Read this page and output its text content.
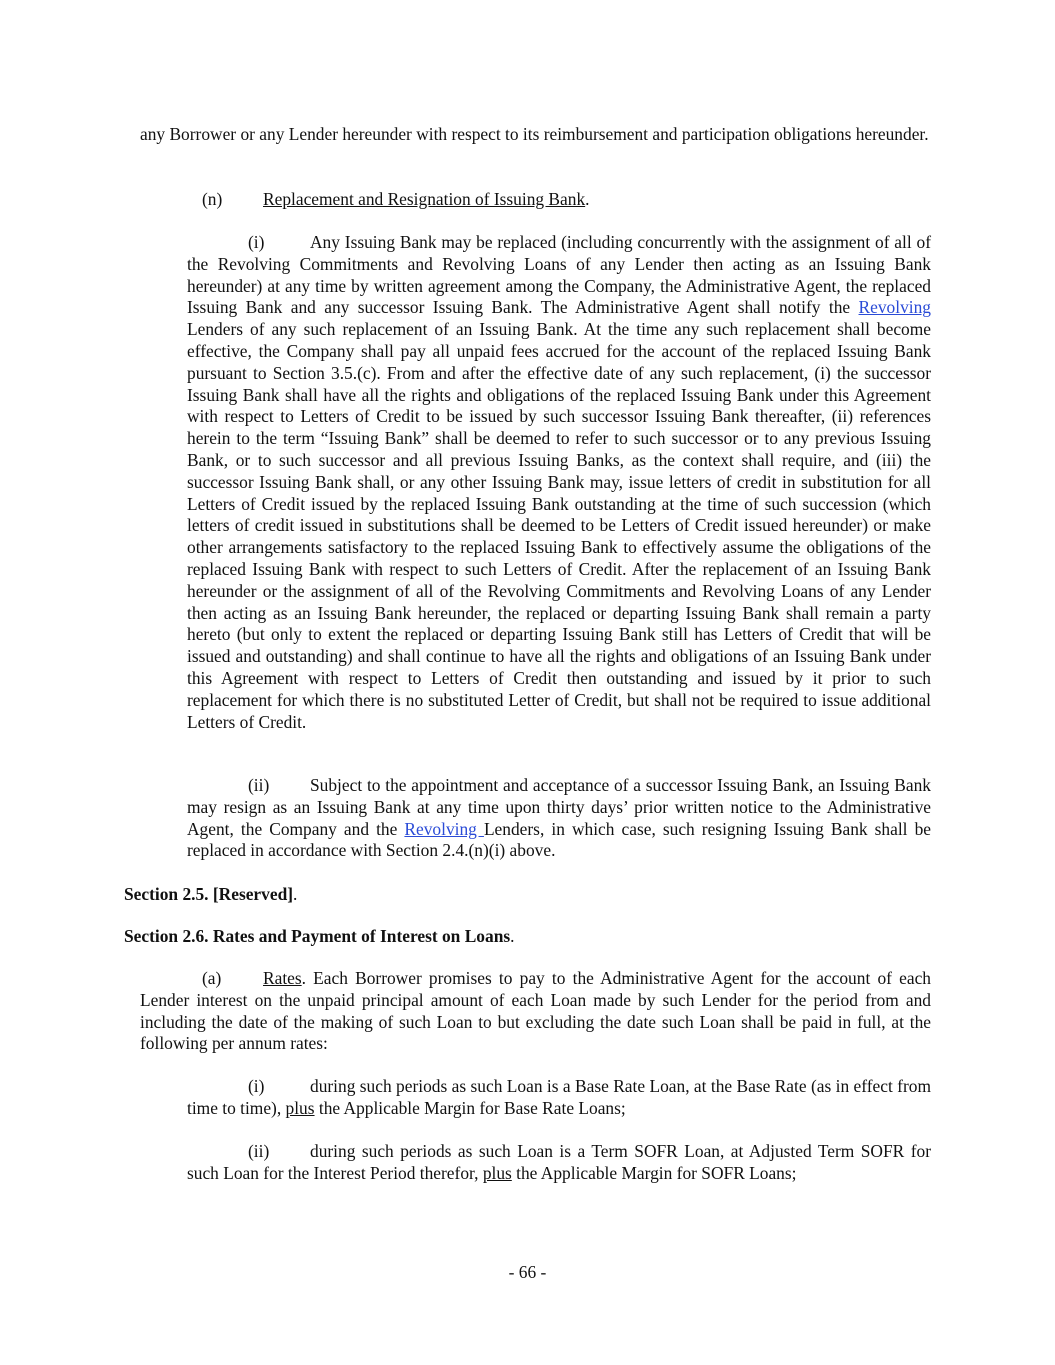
any Borrower or any Lender hereunder with respect to its reimbursement and participation obligations hereunder.

(n) Replacement and Resignation of Issuing Bank.

(i)	Any Issuing Bank may be replaced (including concurrently with the assignment of all of the Revolving Commitments and Revolving Loans of any Lender then acting as an Issuing Bank hereunder) at any time by written agreement among the Company, the Administrative Agent, the replaced Issuing Bank and any successor Issuing Bank. The Administrative Agent shall notify the Revolving Lenders of any such replacement of an Issuing Bank. At the time any such replacement shall become effective, the Company shall pay all unpaid fees accrued for the account of the replaced Issuing Bank pursuant to Section 3.5.(c). From and after the effective date of any such replacement, (i) the successor Issuing Bank shall have all the rights and obligations of the replaced Issuing Bank under this Agreement with respect to Letters of Credit to be issued by such successor Issuing Bank thereafter, (ii) references herein to the term “Issuing Bank” shall be deemed to refer to such successor or to any previous Issuing Bank, or to such successor and all previous Issuing Banks, as the context shall require, and (iii) the successor Issuing Bank shall, or any other Issuing Bank may, issue letters of credit in substitution for all Letters of Credit issued by the replaced Issuing Bank outstanding at the time of such succession (which letters of credit issued in substitutions shall be deemed to be Letters of Credit issued hereunder) or make other arrangements satisfactory to the replaced Issuing Bank to effectively assume the obligations of the replaced Issuing Bank with respect to such Letters of Credit. After the replacement of an Issuing Bank hereunder or the assignment of all of the Revolving Commitments and Revolving Loans of any Lender then acting as an Issuing Bank hereunder, the replaced or departing Issuing Bank shall remain a party hereto (but only to extent the replaced or departing Issuing Bank still has Letters of Credit that will be issued and outstanding) and shall continue to have all the rights and obligations of an Issuing Bank under this Agreement with respect to Letters of Credit then outstanding and issued by it prior to such replacement for which there is no substituted Letter of Credit, but shall not be required to issue additional Letters of Credit.

(ii) Subject to the appointment and acceptance of a successor Issuing Bank, an Issuing Bank may resign as an Issuing Bank at any time upon thirty days’ prior written notice to the Administrative Agent, the Company and the Revolving Lenders, in which case, such resigning Issuing Bank shall be replaced in accordance with Section 2.4.(n)(i) above.

Section 2.5. [Reserved].
Section 2.6. Rates and Payment of Interest on Loans.

(a) Rates. Each Borrower promises to pay to the Administrative Agent for the account of each Lender interest on the unpaid principal amount of each Loan made by such Lender for the period from and including the date of the making of such Loan to but excluding the date such Loan shall be paid in full, at the following per annum rates:

(i)	during such periods as such Loan is a Base Rate Loan, at the Base Rate (as in effect from time to time), plus the Applicable Margin for Base Rate Loans;

(ii) during such periods as such Loan is a Term SOFR Loan, at Adjusted Term SOFR for such Loan for the Interest Period therefor, plus the Applicable Margin for SOFR Loans;

- 66 -
